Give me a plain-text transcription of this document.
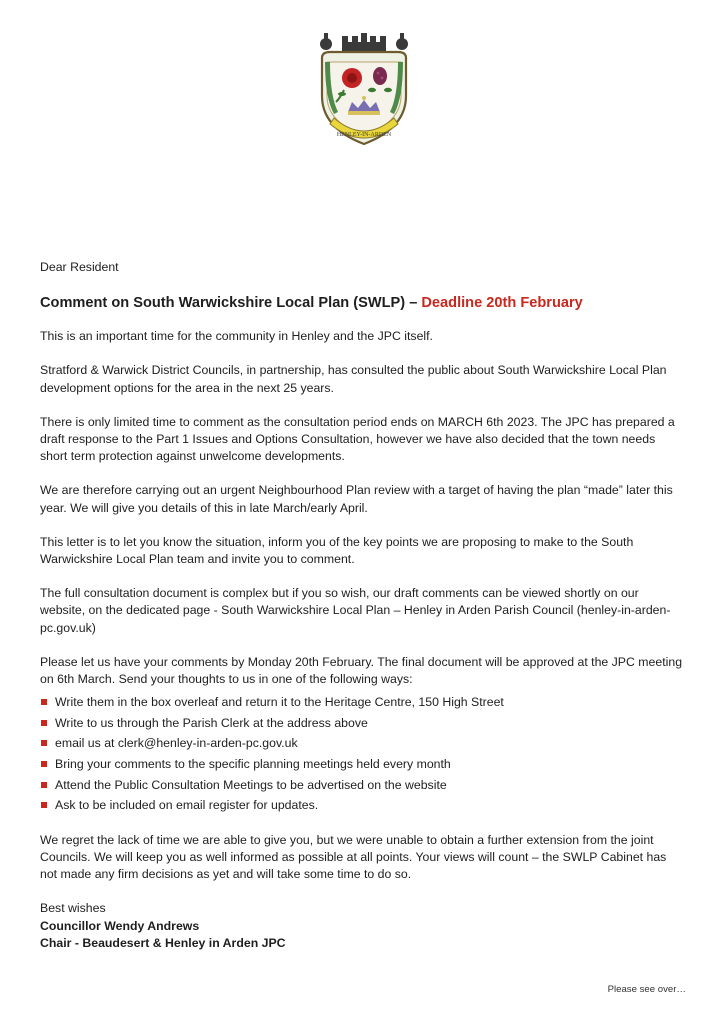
HENLEY-IN-ARDEN

Dear Resident

Comment on South Warwickshire Local Plan (SWLP) – Deadline 20th February

This is an important time for the community in Henley and the JPC itself.

Stratford & Warwick District Councils, in partnership, has consulted the public about South Warwickshire Local Plan development options for the area in the next 25 years.

There is only limited time to comment as the consultation period ends on MARCH 6th 2023. The JPC has prepared a draft response to the Part 1 Issues and Options Consultation, however we have also decided that the town needs short term protection against unwelcome developments.

We are therefore carrying out an urgent Neighbourhood Plan review with a target of having the plan “made” later this year. We will give you details of this in late March/early April.

This letter is to let you know the situation, inform you of the key points we are proposing to make to the South Warwickshire Local Plan team and invite you to comment.

The full consultation document is complex but if you so wish, our draft comments can be viewed shortly on our website, on the dedicated page - South Warwickshire Local Plan – Henley in Arden Parish Council (henley-in-arden-pc.gov.uk)

Please let us have your comments by Monday 20th February. The final document will be approved at the JPC meeting on 6th March. Send your thoughts to us in one of the following ways:

Write them in the box overleaf and return it to the Heritage Centre, 150 High Street
Write to us through the Parish Clerk at the address above
email us at clerk@henley-in-arden-pc.gov.uk
Bring your comments to the specific planning meetings held every month
Attend the Public Consultation Meetings to be advertised on the website
Ask to be included on email register for updates.

We regret the lack of time we are able to give you, but we were unable to obtain a further extension from the joint Councils. We will keep you as well informed as possible at all points. Your views will count – the SWLP Cabinet has not made any firm decisions as yet and will take some time to do so.

Best wishes

Councillor Wendy Andrews

Chair - Beaudesert & Henley in Arden JPC

Please see over…
